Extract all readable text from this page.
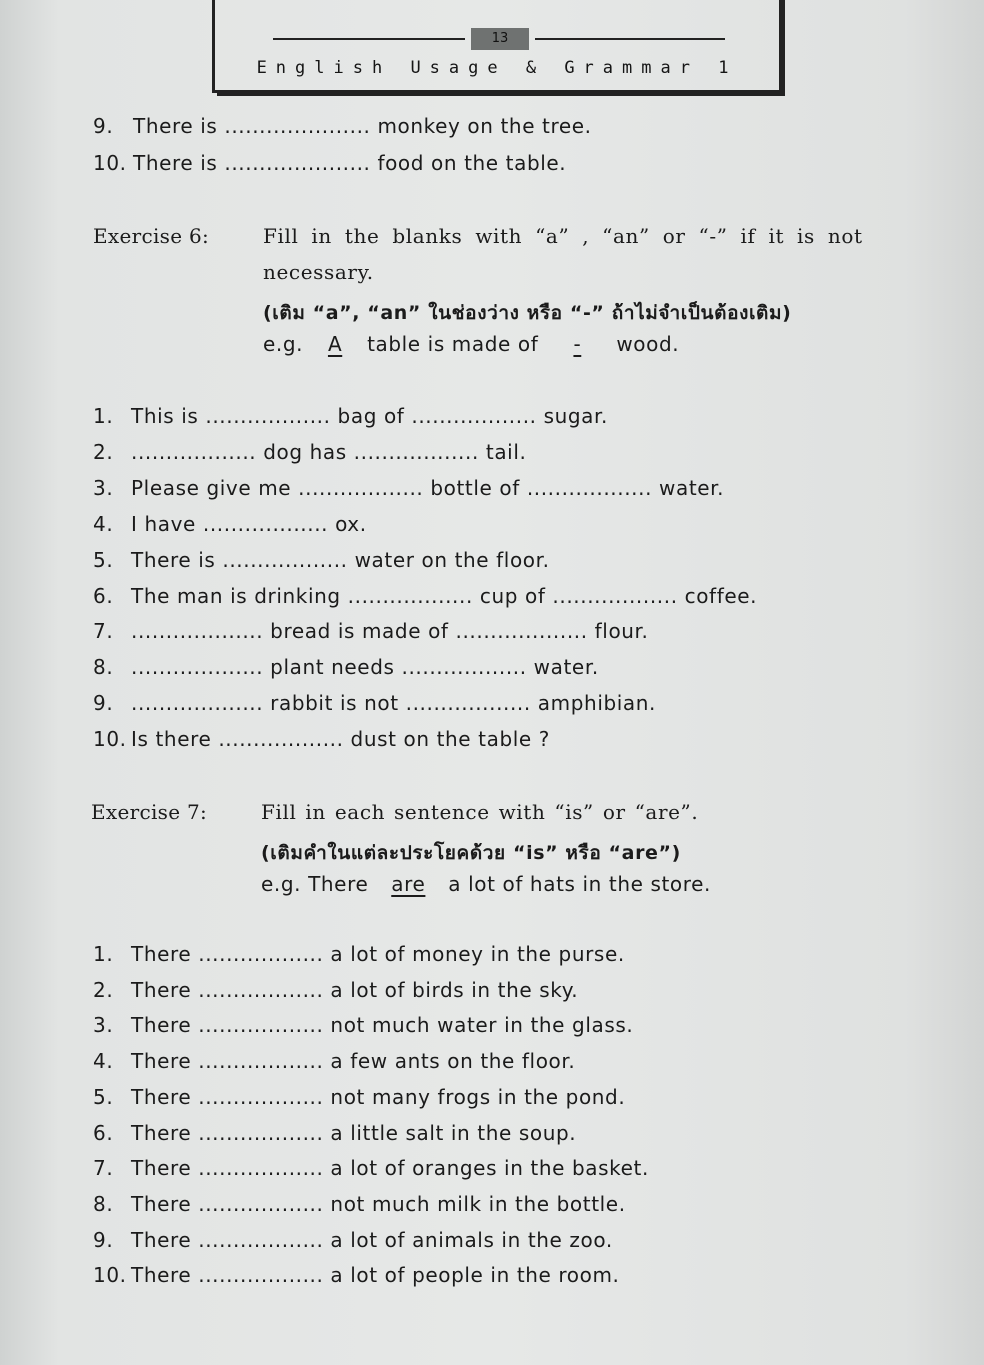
13
English Usage & Grammar 1
9. There is ..................... monkey on the tree.
10. There is ..................... food on the table.
Exercise 6:	Fill in the blanks with “a” , “an” or “-” if it is not
necessary.
(เติม “a”, “an” ในช่องว่าง หรือ “-” ถ้าไม่จำเป็นต้องเติม)
e.g. A table is made of - wood.
1. This is .................. bag of .................. sugar.
2. .................. dog has .................. tail.
3. Please give me .................. bottle of .................. water.
4. I have .................. ox.
5. There is .................. water on the floor.
6. The man is drinking .................. cup of .................. coffee.
7. ................... bread is made of ................... flour.
8. ................... plant needs .................. water.
9. ................... rabbit is not .................. amphibian.
10. Is there .................. dust on the table ?
Exercise 7:	Fill in each sentence with “is” or “are”.
(เติมคำในแต่ละประโยคด้วย “is” หรือ “are”)
e.g. There are a lot of hats in the store.
1. There .................. a lot of money in the purse.
2. There .................. a lot of birds in the sky.
3. There .................. not much water in the glass.
4. There .................. a few ants on the floor.
5. There .................. not many frogs in the pond.
6. There .................. a little salt in the soup.
7. There .................. a lot of oranges in the basket.
8. There .................. not much milk in the bottle.
9. There .................. a lot of animals in the zoo.
10. There .................. a lot of people in the room.
